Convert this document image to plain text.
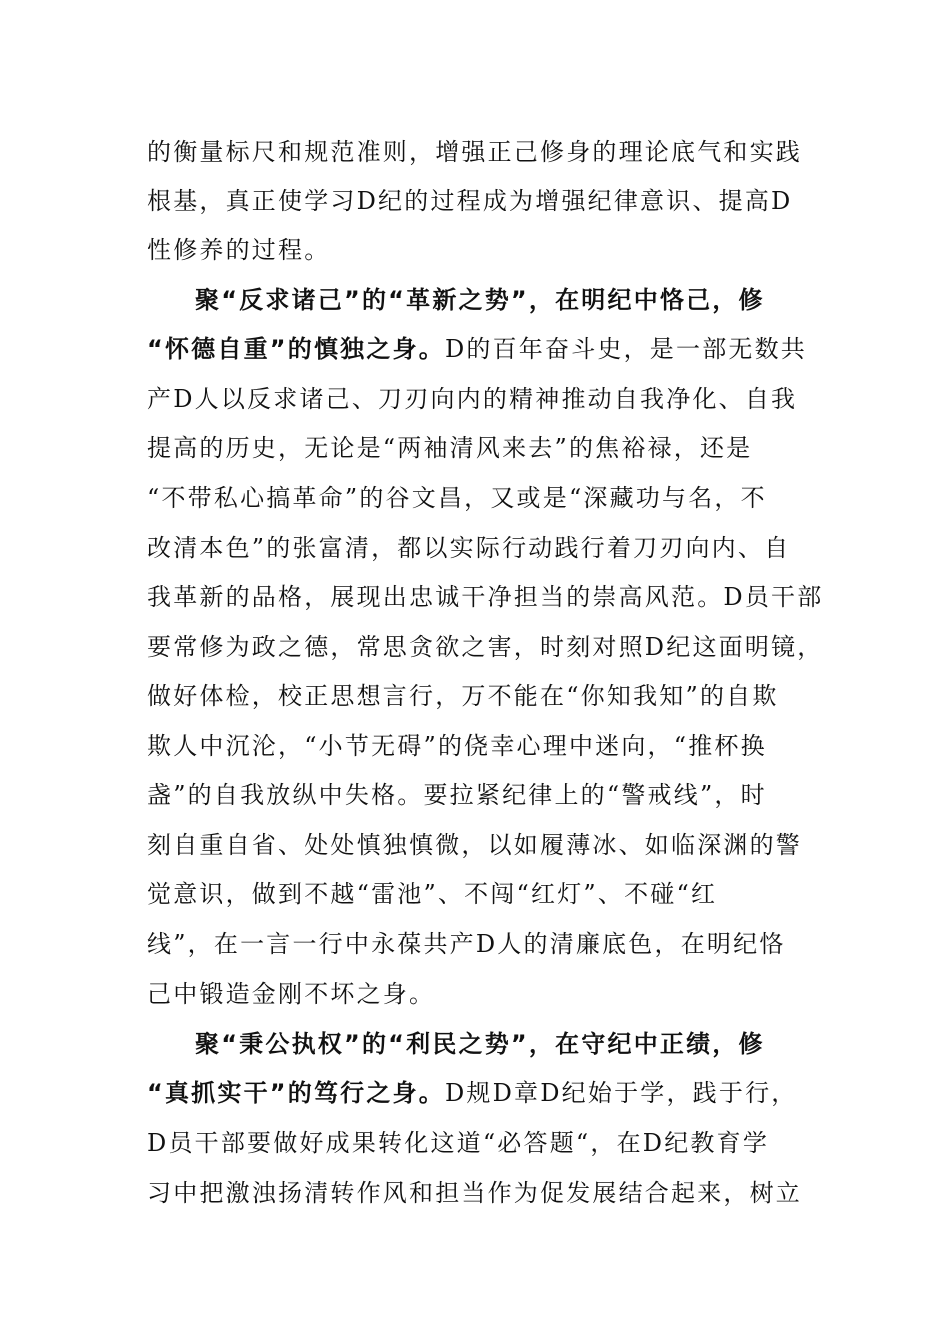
的衡量标尺和规范准则，增强正己修身的理论底气和实践
根基，真正使学习D纪的过程成为增强纪律意识、提高D
性修养的过程。
聚“反求诸己”的“革新之势”，在明纪中恪己，修
“怀德自重”的慎独之身。D的百年奋斗史，是一部无数共
产D人以反求诸己、刀刃向内的精神推动自我净化、自我
提高的历史，无论是“两袖清风来去”的焦裕禄，还是
“不带私心搞革命”的谷文昌，又或是“深藏功与名，不
改清本色”的张富清，都以实际行动践行着刀刃向内、自
我革新的品格，展现出忠诚干净担当的崇高风范。D员干部
要常修为政之德，常思贪欲之害，时刻对照D纪这面明镜，
做好体检，校正思想言行，万不能在“你知我知”的自欺
欺人中沉沦，“小节无碍”的侥幸心理中迷向，“推杯换
盏”的自我放纵中失格。要拉紧纪律上的“警戒线”，时
刻自重自省、处处慎独慎微，以如履薄冰、如临深渊的警
觉意识，做到不越“雷池”、不闯“红灯”、不碰“红
线”，在一言一行中永葆共产D人的清廉底色，在明纪恪
己中锻造金刚不坏之身。
聚“秉公执权”的“利民之势”，在守纪中正绩，修
“真抓实干”的笃行之身。D规D章D纪始于学，践于行，
D员干部要做好成果转化这道“必答题“，在D纪教育学
习中把激浊扬清转作风和担当作为促发展结合起来，树立
